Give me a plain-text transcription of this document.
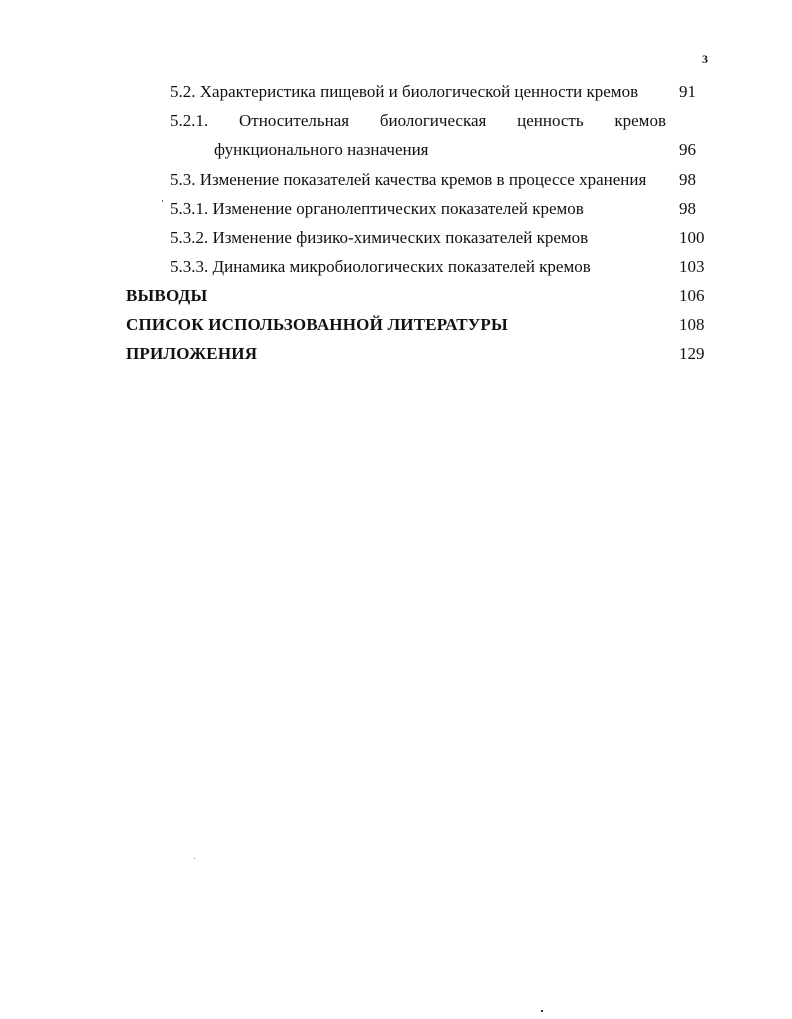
3
5.2. Характеристика пищевой и биологической ценности кремов 91
5.2.1. Относительная биологическая ценность кремов
функционального назначения	96
5.3. Изменение показателей качества кремов в процессе хранения 98
5.3.1. Изменение органолептических показателей кремов	98
5.3.2. Изменение физико-химических показателей кремов	100
5.3.3. Динамика микробиологических показателей кремов	103
ВЫВОДЫ	106
СПИСОК ИСПОЛЬЗОВАННОЙ ЛИТЕРАТУРЫ	108
ПРИЛОЖЕНИЯ	129
